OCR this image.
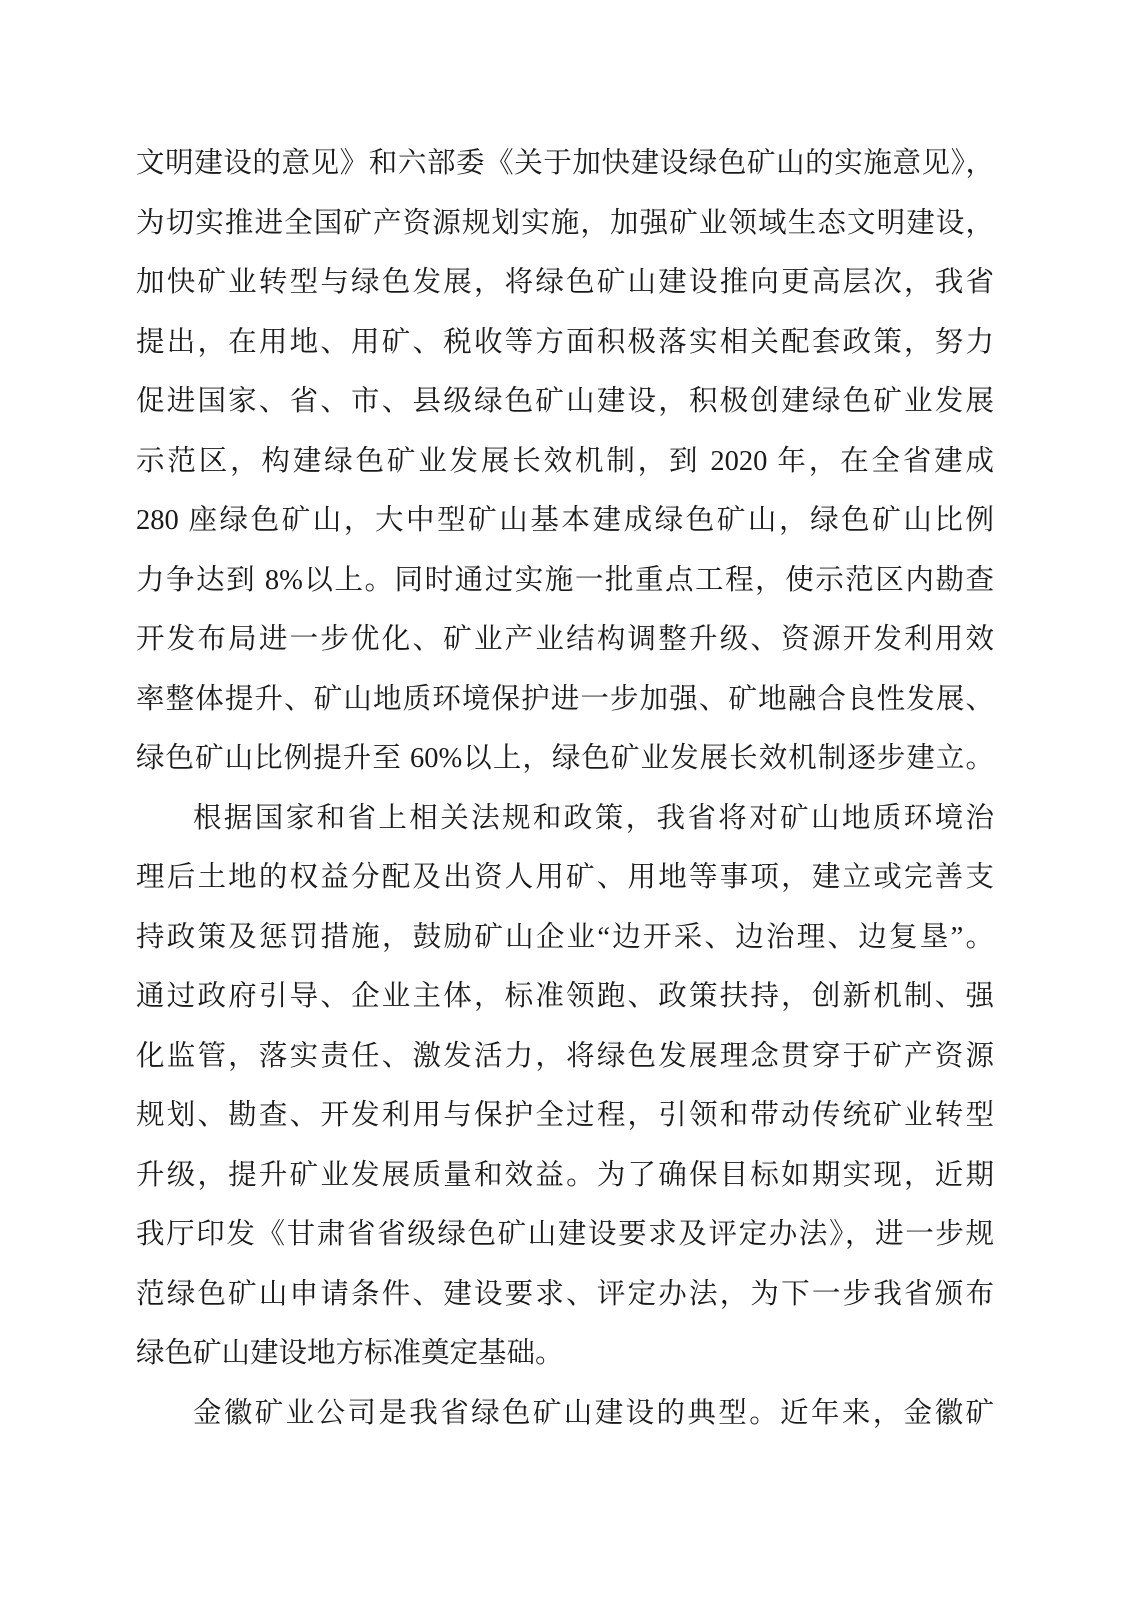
文明建设的意见》和六部委《关于加快建设绿色矿山的实施意见》，
为切实推进全国矿产资源规划实施，加强矿业领域生态文明建设，
加快矿业转型与绿色发展，将绿色矿山建设推向更高层次，我省
提出，在用地、用矿、税收等方面积极落实相关配套政策，努力
促进国家、省、市、县级绿色矿山建设，积极创建绿色矿业发展
示范区，构建绿色矿业发展长效机制，到 2020 年，在全省建成
280 座绿色矿山，大中型矿山基本建成绿色矿山，绿色矿山比例
力争达到 8%以上。同时通过实施一批重点工程，使示范区内勘查
开发布局进一步优化、矿业产业结构调整升级、资源开发利用效
率整体提升、矿山地质环境保护进一步加强、矿地融合良性发展、
绿色矿山比例提升至 60%以上，绿色矿业发展长效机制逐步建立。
根据国家和省上相关法规和政策，我省将对矿山地质环境治
理后土地的权益分配及出资人用矿、用地等事项，建立或完善支
持政策及惩罚措施，鼓励矿山企业“边开采、边治理、边复垦”。
通过政府引导、企业主体，标准领跑、政策扶持，创新机制、强
化监管，落实责任、激发活力，将绿色发展理念贯穿于矿产资源
规划、勘查、开发利用与保护全过程，引领和带动传统矿业转型
升级，提升矿业发展质量和效益。为了确保目标如期实现，近期
我厅印发《甘肃省省级绿色矿山建设要求及评定办法》，进一步规
范绿色矿山申请条件、建设要求、评定办法，为下一步我省颁布
绿色矿山建设地方标准奠定基础。
金徽矿业公司是我省绿色矿山建设的典型。近年来，金徽矿
